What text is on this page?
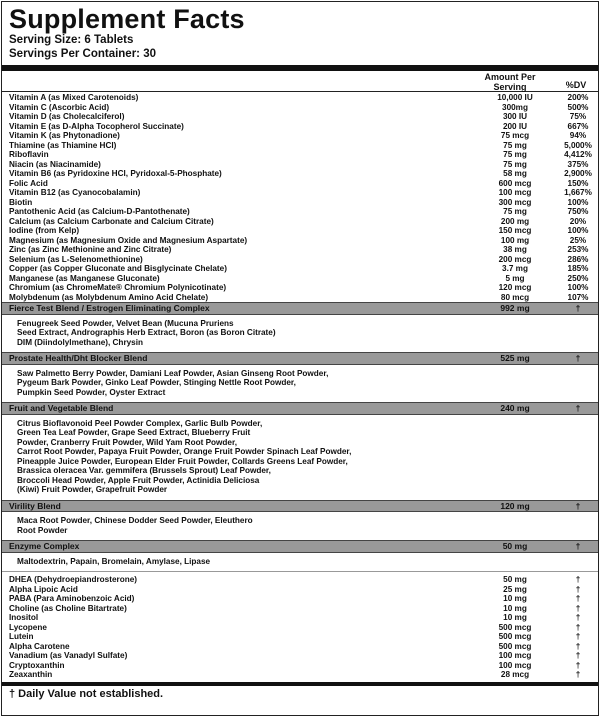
Supplement Facts
Serving Size: 6 Tablets
Servings Per Container: 30
Amount Per
Serving	%DV
Vitamin A (as Mixed Carotenoids)	10,000 IU	200%
Vitamin C (Ascorbic Acid)	300mg	500%
Vitamin D (as Cholecalciferol)	300 IU	75%
Vitamin E (as D-Alpha Tocopherol Succinate)	200 IU	667%
Vitamin K (as Phytonadione)	75 mcg	94%
Thiamine (as Thiamine HCl)	75 mg	5,000%
Riboflavin	75 mg	4,412%
Niacin (as Niacinamide)	75 mg	375%
Vitamin B6 (as Pyridoxine HCl, Pyridoxal-5-Phosphate)	58 mg	2,900%
Folic Acid	600 mcg	150%
Vitamin B12 (as Cyanocobalamin)	100 mcg	1,667%
Biotin	300 mcg	100%
Pantothenic Acid (as Calcium-D-Pantothenate)	75 mg	750%
Calcium (as Calcium Carbonate and Calcium Citrate)	200 mg	20%
Iodine (from Kelp)	150 mcg	100%
Magnesium (as Magnesium Oxide and Magnesium Aspartate)	100 mg	25%
Zinc (as Zinc Methionine and Zinc Citrate)	38 mg	253%
Selenium (as L-Selenomethionine)	200 mcg	286%
Copper (as Copper Gluconate and Bisglycinate Chelate)	3.7 mg	185%
Manganese (as Manganese Gluconate)	5 mg	250%
Chromium (as ChromeMate® Chromium Polynicotinate)	120 mcg	100%
Molybdenum (as Molybdenum Amino Acid Chelate)	80 mcg	107%
Fierce Test Blend / Estrogen Eliminating Complex	992 mg	†
Fenugreek Seed Powder, Velvet Bean (Mucuna Pruriens
Seed Extract, Andrographis Herb Extract, Boron (as Boron Citrate)
DIM (Diindolylmethane), Chrysin
Prostate Health/Dht Blocker Blend	525 mg	†
Saw Palmetto Berry Powder, Damiani Leaf Powder, Asian Ginseng Root Powder,
Pygeum Bark Powder, Ginko Leaf Powder, Stinging Nettle Root Powder,
Pumpkin Seed Powder, Oyster Extract
Fruit and Vegetable Blend	240 mg	†
Citrus Bioflavonoid Peel Powder Complex, Garlic Bulb Powder,
Green Tea Leaf Powder, Grape Seed Extract, Blueberry Fruit
Powder, Cranberry Fruit Powder, Wild Yam Root Powder,
Carrot Root Powder, Papaya Fruit Powder, Orange Fruit Powder Spinach Leaf Powder,
Pineapple Juice Powder, European Elder Fruit Powder, Collards Greens Leaf Powder,
Brassica oleracea Var. gemmifera (Brussels Sprout) Leaf Powder,
Broccoli Head Powder, Apple Fruit Powder, Actinidia Deliciosa
(Kiwi) Fruit Powder, Grapefruit Powder
Virility Blend	120 mg	†
Maca Root Powder, Chinese Dodder Seed Powder, Eleuthero
Root Powder
Enzyme Complex	50 mg	†
Maltodextrin, Papain, Bromelain, Amylase, Lipase
DHEA (Dehydroepiandrosterone)	50 mg	†
Alpha Lipoic Acid	25 mg	†
PABA (Para Aminobenzoic Acid)	10 mg	†
Choline (as Choline Bitartrate)	10 mg	†
Inositol	10 mg	†
Lycopene	500 mcg	†
Lutein	500 mcg	†
Alpha Carotene	500 mcg	†
Vanadium (as Vanadyl Sulfate)	100 mcg	†
Cryptoxanthin	100 mcg	†
Zeaxanthin	28 mcg	†
† Daily Value not established.
